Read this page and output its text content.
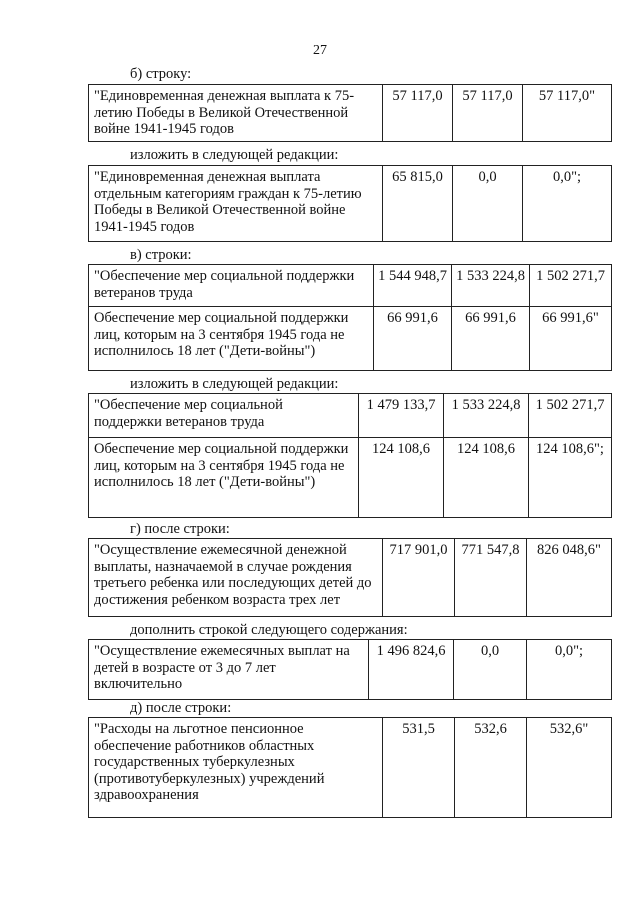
27
б) строку:
"Единовременная денежная выплата к 75-летию Победы в Великой Отечественной войне 1941-1945 годов	57 117,0	57 117,0	57 117,0"
изложить в следующей редакции:
"Единовременная денежная выплата отдельным категориям граждан к 75-летию Победы в Великой Отечественной войне 1941-1945 годов	65 815,0	0,0	0,0";
в) строки:
"Обеспечение мер социальной поддержки ветеранов труда	1 544 948,7	1 533 224,8	1 502 271,7
Обеспечение мер социальной поддержки лиц, которым на 3 сентября 1945 года не исполнилось 18 лет ("Дети-войны")	66 991,6	66 991,6	66 991,6"
изложить в следующей редакции:
"Обеспечение мер социальной поддержки ветеранов труда	1 479 133,7	1 533 224,8	1 502 271,7
Обеспечение мер социальной поддержки лиц, которым на 3 сентября 1945 года не исполнилось 18 лет ("Дети-войны")	124 108,6	124 108,6	124 108,6";
г) после строки:
"Осуществление ежемесячной денежной выплаты, назначаемой в случае рождения третьего ребенка или последующих детей до достижения ребенком возраста трех лет	717 901,0	771 547,8	826 048,6"
дополнить строкой следующего содержания:
"Осуществление ежемесячных выплат на детей в возрасте от 3 до 7 лет включительно	1 496 824,6	0,0	0,0";
д) после строки:
"Расходы на льготное пенсионное обеспечение работников областных государственных туберкулезных (противотуберкулезных) учреждений здравоохранения	531,5	532,6	532,6"
